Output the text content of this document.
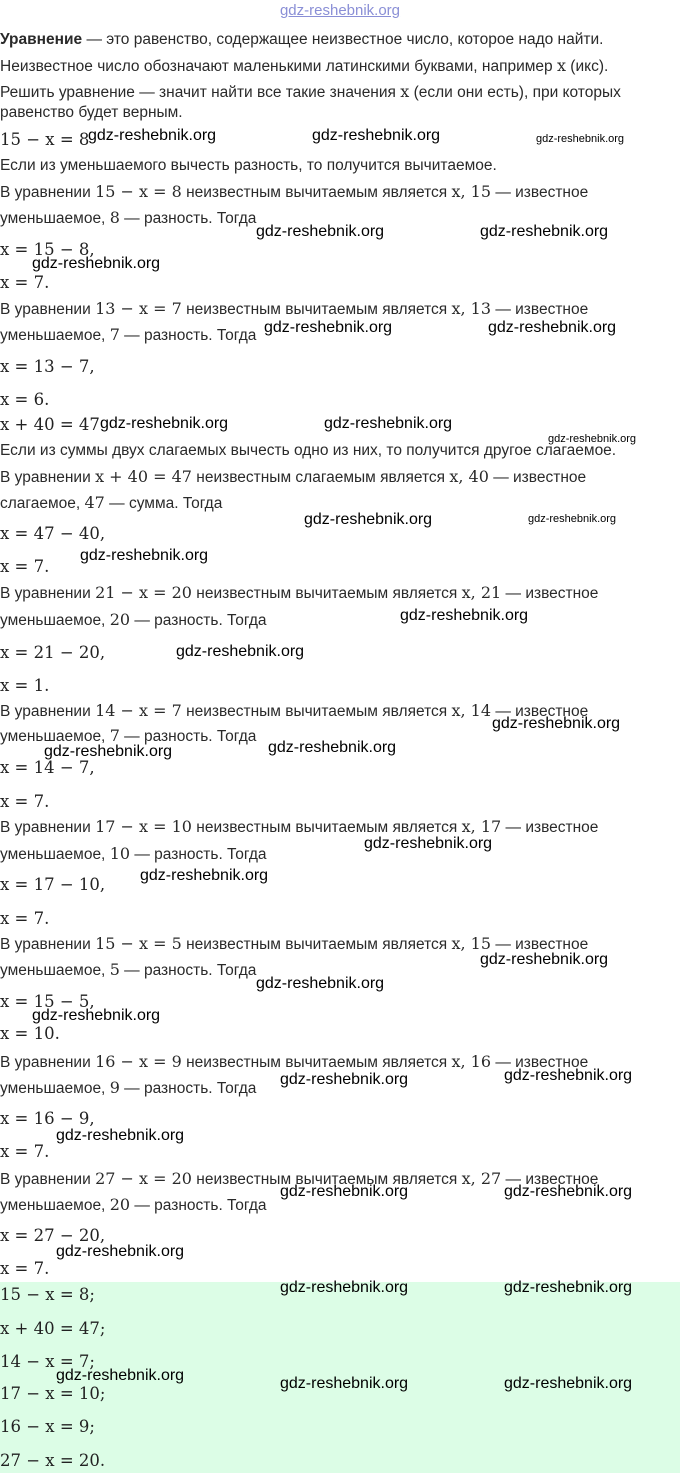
gdz-reshebnik.org
Уравнение — это равенство, содержащее неизвестное число, которое надо найти.
Неизвестное число обозначают маленькими латинскими буквами, например x (икс).
Решить уравнение — значит найти все такие значения x (если они есть), при которых
равенство будет верным.
15 − x = 8
Если из уменьшаемого вычесть разность, то получится вычитаемое.
В уравнении 15 − x = 8 неизвестным вычитаемым является x, 15 — известное
уменьшаемое, 8 — разность. Тогда
x = 15 − 8,
x = 7.
В уравнении 13 − x = 7 неизвестным вычитаемым является x, 13 — известное
уменьшаемое, 7 — разность. Тогда
x = 13 − 7,
x = 6.
x + 40 = 47
Если из суммы двух слагаемых вычесть одно из них, то получится другое слагаемое.
В уравнении x + 40 = 47 неизвестным слагаемым является x, 40 — известное
слагаемое, 47 — сумма. Тогда
x = 47 − 40,
x = 7.
В уравнении 21 − x = 20 неизвестным вычитаемым является x, 21 — известное
уменьшаемое, 20 — разность. Тогда
x = 21 − 20,
x = 1.
В уравнении 14 − x = 7 неизвестным вычитаемым является x, 14 — известное
уменьшаемое, 7 — разность. Тогда
x = 14 − 7,
x = 7.
В уравнении 17 − x = 10 неизвестным вычитаемым является x, 17 — известное
уменьшаемое, 10 — разность. Тогда
x = 17 − 10,
x = 7.
В уравнении 15 − x = 5 неизвестным вычитаемым является x, 15 — известное
уменьшаемое, 5 — разность. Тогда
x = 15 − 5,
x = 10.
В уравнении 16 − x = 9 неизвестным вычитаемым является x, 16 — известное
уменьшаемое, 9 — разность. Тогда
x = 16 − 9,
x = 7.
В уравнении 27 − x = 20 неизвестным вычитаемым является x, 27 — известное
уменьшаемое, 20 — разность. Тогда
x = 27 − 20,
x = 7.
15 − x = 8;
x + 40 = 47;
14 − x = 7;
17 − x = 10;
16 − x = 9;
27 − x = 20.
gdz-reshebnik.org	gdz-reshebnik.org	gdz-reshebnik.org
gdz-reshebnik.org	gdz-reshebnik.org
gdz-reshebnik.org
gdz-reshebnik.org	gdz-reshebnik.org
gdz-reshebnik.org	gdz-reshebnik.org
gdz-reshebnik.org
gdz-reshebnik.org	gdz-reshebnik.org
gdz-reshebnik.org
gdz-reshebnik.org
gdz-reshebnik.org
gdz-reshebnik.org
gdz-reshebnik.org	gdz-reshebnik.org
gdz-reshebnik.org
gdz-reshebnik.org
gdz-reshebnik.org
gdz-reshebnik.org
gdz-reshebnik.org
gdz-reshebnik.org	gdz-reshebnik.org
gdz-reshebnik.org
gdz-reshebnik.org	gdz-reshebnik.org
gdz-reshebnik.org
gdz-reshebnik.org	gdz-reshebnik.org
gdz-reshebnik.org	gdz-reshebnik.org	gdz-reshebnik.org
